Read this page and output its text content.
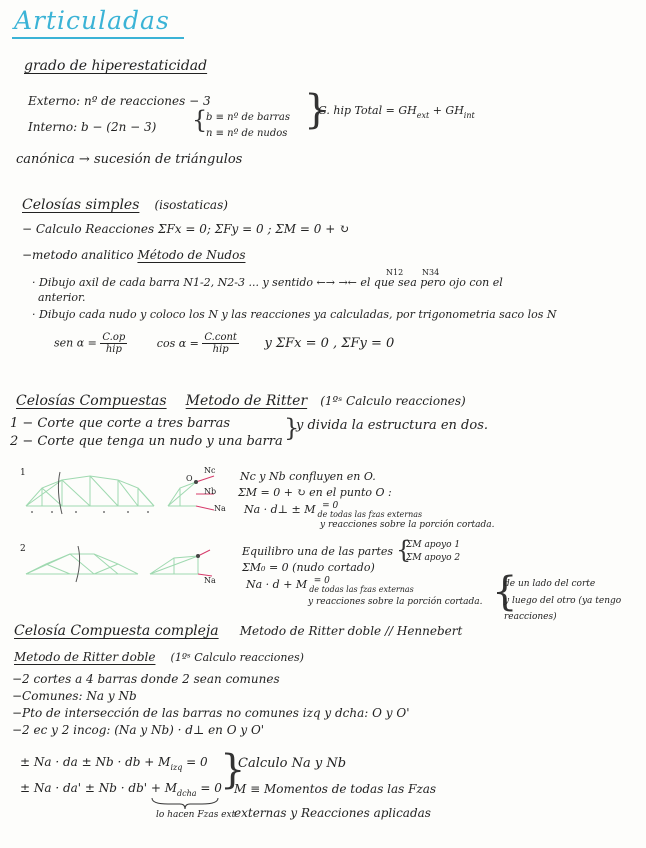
Articuladas
grado de hiperestaticidad
Externo: nº de reacciones − 3
Interno: b − (2n − 3) {
b ≡ nº de barras
n ≡ nº de nudos
}
G. hip Total = $GH_{ext} + GH_{int}$
canónica → sucesión de triángulos
Celosías simples (isostaticas)
− Calculo Reacciones ΣFx = 0; ΣFy = 0 ; ΣM = 0 + ↻
−metodo analitico Método de Nudos
N12 N34
· Dibujo axil de cada barra N1-2, N2-3 ... y sentido ←→ →← el que sea pero ojo con el
anterior.
· Dibujo cada nudo y coloco los N y las reacciones ya calculadas, por trigonometria saco los N
sen $\alpha = \frac{C.op}{\text{hip}}$	$\cos \alpha = \frac{\text{C.cont}}{\text{hip}}$ y ΣFx = 0 , ΣFy = 0
Celosías Compuestas Metodo de Ritter (1ºˢ Calculo reacciones)
1 − Corte que corte a tres barras
2 − Corte que tenga un nudo y una barra }
y divida la estructura en dos.
1
O
Nc
Nb
Na
Nc y Nb confluyen en O.
ΣM = 0 + ↻ en el punto O :
Na · d⊥ ± M $_{de todas las fzas externas}^{= 0}$
y reacciones sobre la porción cortada.
2
Na
Equilibro una de las partes {
ΣM apoyo 1
ΣM apoyo 2
ΣM₀ = 0 (nudo cortado)
Na · d + M $_{de todas las fzas externas}^{= 0}$
y reacciones sobre la porción cortada. {
de un lado del corte
y luego del otro (ya tengo
reacciones)
Celosía Compuesta compleja Metodo de Ritter doble // Hennebert
Metodo de Ritter doble (1ºˢ Calculo reacciones)
−2 cortes a 4 barras donde 2 sean comunes
−Comunes: Na y Nb
−Pto de intersección de las barras no comunes izq y dcha: O y O'
−2 ec y 2 incog: (Na y Nb) · d⊥ en O y O'
± Na · da ± Nb · db + $M_{izq} = 0$
± $Na \cdot da' \pm Nb \cdot db' + M_{dcha} = 0$
lo hacen Fzas ext
}
Calculo Na y Nb
M ≡ Momentos de todas las Fzas
externas y Reacciones aplicadas
